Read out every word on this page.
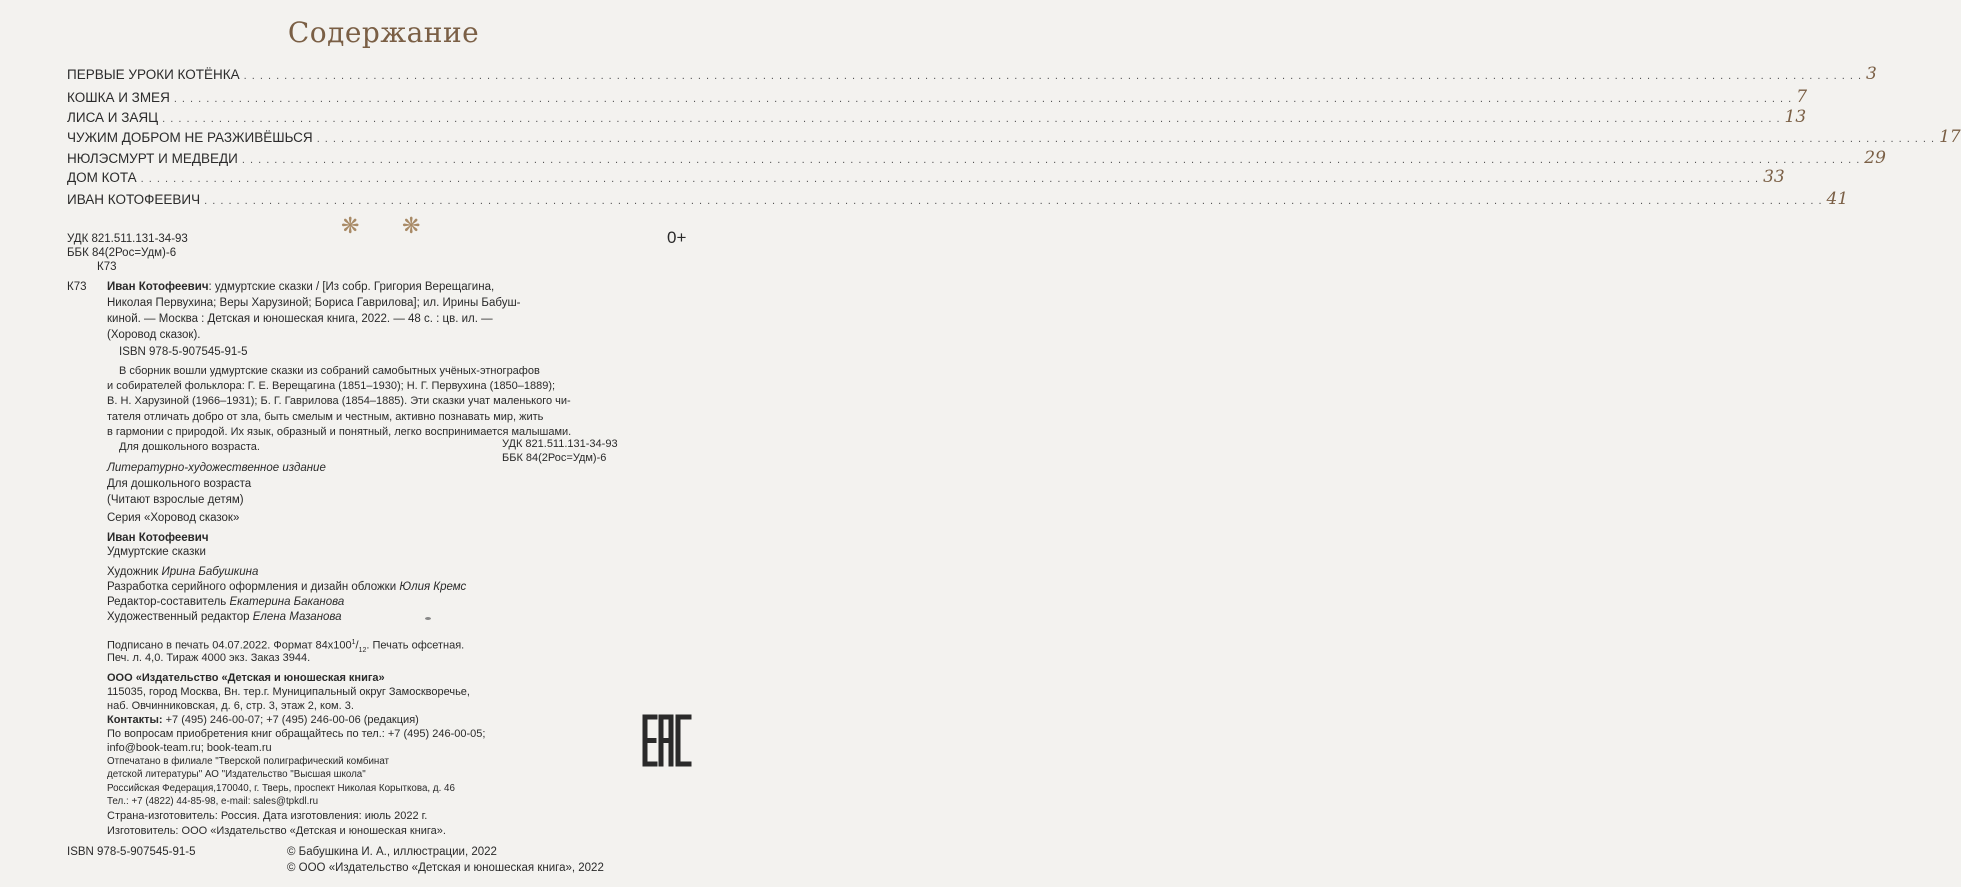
Содержание
ПЕРВЫЕ УРОКИ КОТЁНКА . . . . . . . . . . . . . . . . . . . . . . . . . . . . . . . . . . . . . . . . . . . . . . . . . . . . . . . . . . . . . . . . . . . . . . . . . . . . . . . . . . . . . . . . . . . . . . . . . . . . . . . . . . . . . . . . . . . . . . . . . . . . . . . . . . . . . . . . . . . . . . . . . . . . . . . . . . . . . . . . . . . . . . . . . . . . . . . . . . . . . . . . . . . . . . . . . . . . . . . . 3
КОШКА И ЗМЕЯ . . . . . . . . . . . . . . . . . . . . . . . . . . . . . . . . . . . . . . . . . . . . . . . . . . . . . . . . . . . . . . . . . . . . . . . . . . . . . . . . . . . . . . . . . . . . . . . . . . . . . . . . . . . . . . . . . . . . . . . . . . . . . . . . . . . . . . . . . . . . . . . . . . . . . . . . . . . . . . . . . . . . . . . . . . . . . . . . . . . . . . . . . . . . . . . . . . . . . . . . 7
ЛИСА И ЗАЯЦ . . . . . . . . . . . . . . . . . . . . . . . . . . . . . . . . . . . . . . . . . . . . . . . . . . . . . . . . . . . . . . . . . . . . . . . . . . . . . . . . . . . . . . . . . . . . . . . . . . . . . . . . . . . . . . . . . . . . . . . . . . . . . . . . . . . . . . . . . . . . . . . . . . . . . . . . . . . . . . . . . . . . . . . . . . . . . . . . . . . . . . . . . . . . . . . . . . . . . . . . 13
ЧУЖИМ ДОБРОМ НЕ РАЗЖИВЁШЬСЯ . . . . . . . . . . . . . . . . . . . . . . . . . . . . . . . . . . . . . . . . . . . . . . . . . . . . . . . . . . . . . . . . . . . . . . . . . . . . . . . . . . . . . . . . . . . . . . . . . . . . . . . . . . . . . . . . . . . . . . . . . . . . . . . . . . . . . . . . . . . . . . . . . . . . . . . . . . . . . . . . . . . . . . . . . . . . . . . . . . . . . . . . . . . . . . . . . . . . . . . . 17
НЮЛЭСМУРТ И МЕДВЕДИ . . . . . . . . . . . . . . . . . . . . . . . . . . . . . . . . . . . . . . . . . . . . . . . . . . . . . . . . . . . . . . . . . . . . . . . . . . . . . . . . . . . . . . . . . . . . . . . . . . . . . . . . . . . . . . . . . . . . . . . . . . . . . . . . . . . . . . . . . . . . . . . . . . . . . . . . . . . . . . . . . . . . . . . . . . . . . . . . . . . . . . . . . . . . . . . . . . . . . . . . 29
ДОМ КОТА . . . . . . . . . . . . . . . . . . . . . . . . . . . . . . . . . . . . . . . . . . . . . . . . . . . . . . . . . . . . . . . . . . . . . . . . . . . . . . . . . . . . . . . . . . . . . . . . . . . . . . . . . . . . . . . . . . . . . . . . . . . . . . . . . . . . . . . . . . . . . . . . . . . . . . . . . . . . . . . . . . . . . . . . . . . . . . . . . . . . . . . . . . . . . . . . . . . . . . . . 33
ИВАН КОТОФЕЕВИЧ . . . . . . . . . . . . . . . . . . . . . . . . . . . . . . . . . . . . . . . . . . . . . . . . . . . . . . . . . . . . . . . . . . . . . . . . . . . . . . . . . . . . . . . . . . . . . . . . . . . . . . . . . . . . . . . . . . . . . . . . . . . . . . . . . . . . . . . . . . . . . . . . . . . . . . . . . . . . . . . . . . . . . . . . . . . . . . . . . . . . . . . . . . . . . . . . . . . . . . . . 41
❋ ❋
УДК 821.511.131-34-93
ББК 84(2Рос=Удм)-6
К73
0+
К73 Иван Котофеевич: удмуртские сказки / [Из собр. Григория Верещагина,
Николая Первухина; Веры Харузиной; Бориса Гаврилова]; ил. Ирины Бабуш-
киной. — Москва : Детская и юношеская книга, 2022. — 48 с. : цв. ил. —
(Хоровод сказок).
ISBN 978-5-907545-91-5
В сборник вошли удмуртские сказки из собраний самобытных учёных-этнографов
и собирателей фольклора: Г. Е. Верещагина (1851–1930); Н. Г. Первухина (1850–1889);
В. Н. Харузиной (1966–1931); Б. Г. Гаврилова (1854–1885). Эти сказки учат маленького чи-
тателя отличать добро от зла, быть смелым и честным, активно познавать мир, жить
в гармонии с природой. Их язык, образный и понятный, легко воспринимается малышами.
Для дошкольного возраста.	УДК 821.511.131-34-93
ББК 84(2Рос=Удм)-6
Литературно-художественное издание
Для дошкольного возраста
(Читают взрослые детям)
Серия «Хоровод сказок»
Иван Котофеевич
Удмуртские сказки
Художник Ирина Бабушкина
Разработка серийного оформления и дизайн обложки Юлия Кремс
Редактор-составитель Екатерина Баканова
Художественный редактор Елена Мазанова
Подписано в печать 04.07.2022. Формат $84x100^1/_{12}$. Печать офсетная.
Печ. л. 4,0. Тираж 4000 экз. Заказ 3944.
ООО «Издательство «Детская и юношеская книга»
115035, город Москва, Вн. тер.г. Муниципальный округ Замоскворечье,
наб. Овчинниковская, д. 6, стр. 3, этаж 2, ком. 3.
Контакты: +7 (495) 246-00-07; +7 (495) 246-00-06 (редакция)
По вопросам приобретения книг обращайтесь по тел.: +7 (495) 246-00-05;
info@book-team.ru; book-team.ru
Отпечатано в филиале "Тверской полиграфический комбинат
детской литературы" АО "Издательство "Высшая школа"
Российская Федерация,170040, г. Тверь, проспект Николая Корыткова, д. 46
Тел.: +7 (4822) 44-85-98, e-mail: sales@tpkdl.ru
Страна-изготовитель: Россия. Дата изготовления: июль 2022 г.
Изготовитель: ООО «Издательство «Детская и юношеская книга».
ISBN 978-5-907545-91-5	© Бабушкина И. А., иллюстрации, 2022
© ООО «Издательство «Детская и юношеская книга», 2022
